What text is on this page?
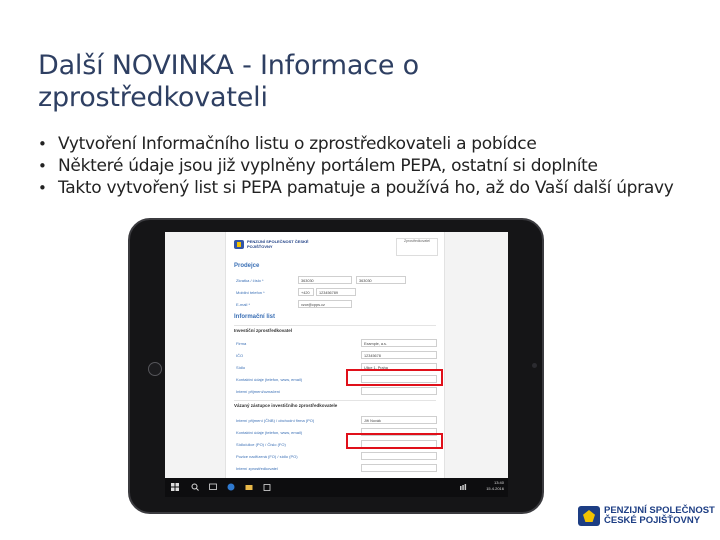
Další NOVINKA - Informace o zprostředkovateli
• Vytvoření Informačního listu o zprostředkovateli a pobídce
• Některé údaje jsou již vyplněny portálem PEPA, ostatní si doplníte
• Takto vytvořený list si PEPA pamatuje a používá ho, až do Vaší další úpravy
PENZIJNÍ SPOLEČNOST ČESKÉ POJIŠŤOVNY
Zprostředkovatel
Prodejce
Zkratka / číslo *	363030	363030
Mobilní telefon *	+420	123456789
E-mail *	vzor@cpps.cz
Informační list
Investiční zprostředkovatel
Firma	Example, a.s.
IČO	12345678
Sídlo	Ulice 1, Praha
Kontaktní údaje (telefon, www, email)
Interní přijmení/označení
Vázaný zástupce investičního zprostředkovatele
Interní přijmení (ČNB) / obchodní firma (PO)	Jiří Novák
Kontaktní údaje (telefon, www, email)
Sídlo/ulice (PO) / Číslo (FO)
Pozice nadřízená (FO) / sídlo (PO)
Interní zprostředkovatel
13:40
15.4.2016
PENZIJNÍ SPOLEČNOST
ČESKÉ POJIŠŤOVNY
